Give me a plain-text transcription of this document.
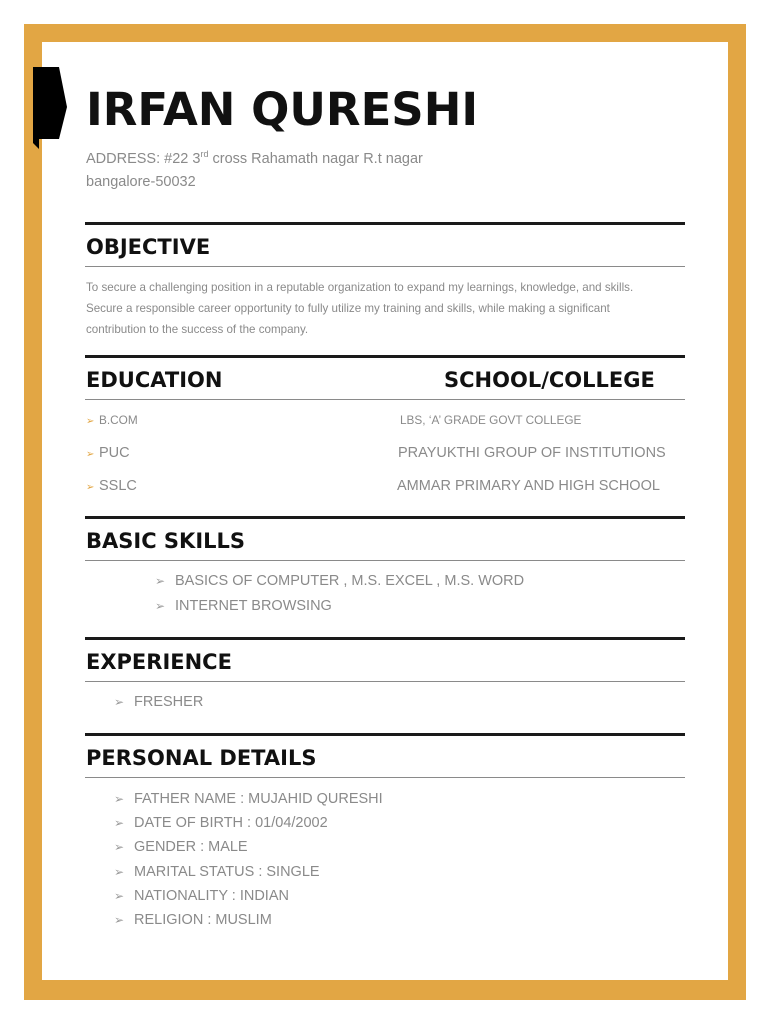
IRFAN QURESHI
ADDRESS: #22 3rd cross Rahamath nagar R.t nagar
bangalore-50032
OBJECTIVE
To secure a challenging position in a reputable organization to expand my learnings, knowledge, and skills.
Secure a responsible career opportunity to fully utilize my training and skills, while making a significant
contribution to the success of the company.
EDUCATION	SCHOOL/COLLEGE
➢ B.COM	LBS, ‘A’ GRADE GOVT COLLEGE
➢ PUC	PRAYUKTHI GROUP OF INSTITUTIONS
➢ SSLC	AMMAR PRIMARY AND HIGH SCHOOL
BASIC SKILLS
➢ BASICS OF COMPUTER , M.S. EXCEL , M.S. WORD
➢ INTERNET BROWSING
EXPERIENCE
➢ FRESHER
PERSONAL DETAILS
➢ FATHER NAME : MUJAHID QURESHI
➢ DATE OF BIRTH : 01/04/2002
➢ GENDER : MALE
➢ MARITAL STATUS : SINGLE
➢ NATIONALITY : INDIAN
➢ RELIGION : MUSLIM
